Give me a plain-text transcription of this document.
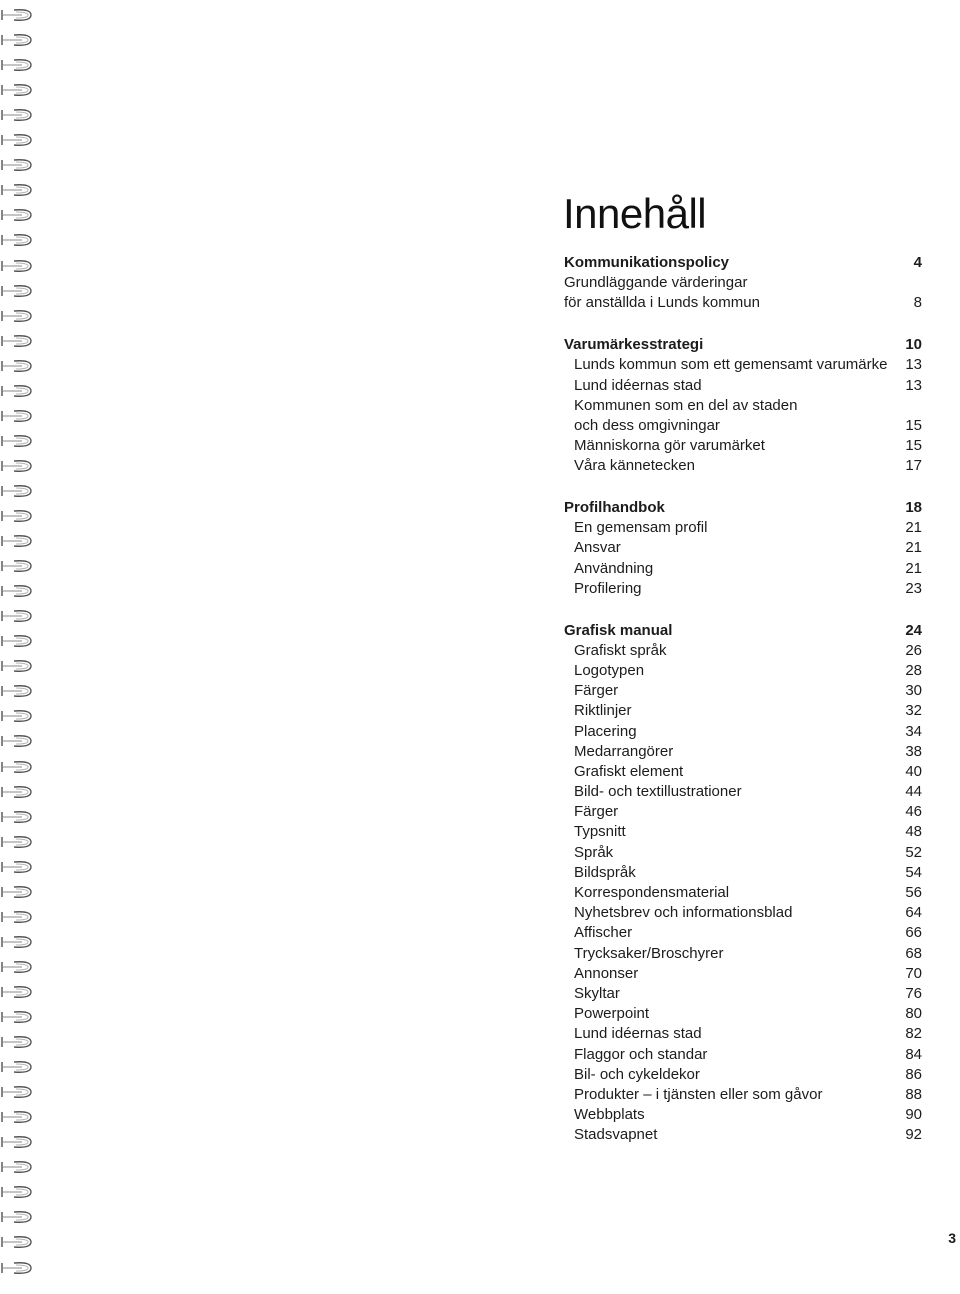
Innehåll
Kommunikationspolicy	4
Grundläggande värderingar
för anställda i Lunds kommun	8
Varumärkesstrategi	10
Lunds kommun som ett gemensamt varumärke 13
Lund idéernas stad	13
Kommunen som en del av staden
och dess omgivningar	15
Människorna gör varumärket	15
Våra kännetecken	17
Profilhandbok	18
En gemensam profil	21
Ansvar	21
Användning	21
Profilering	23
Grafisk manual	24
Grafiskt språk	26
Logotypen	28
Färger	30
Riktlinjer	32
Placering	34
Medarrangörer	38
Grafiskt element	40
Bild- och textillustrationer	44
Färger	46
Typsnitt	48
Språk	52
Bildspråk	54
Korrespondensmaterial	56
Nyhetsbrev och informationsblad	64
Affischer	66
Trycksaker/Broschyrer	68
Annonser	70
Skyltar	76
Powerpoint	80
Lund idéernas stad	82
Flaggor och standar	84
Bil- och cykeldekor	86
Produkter – i tjänsten eller som gåvor	88
Webbplats	90
Stadsvapnet	92
3
